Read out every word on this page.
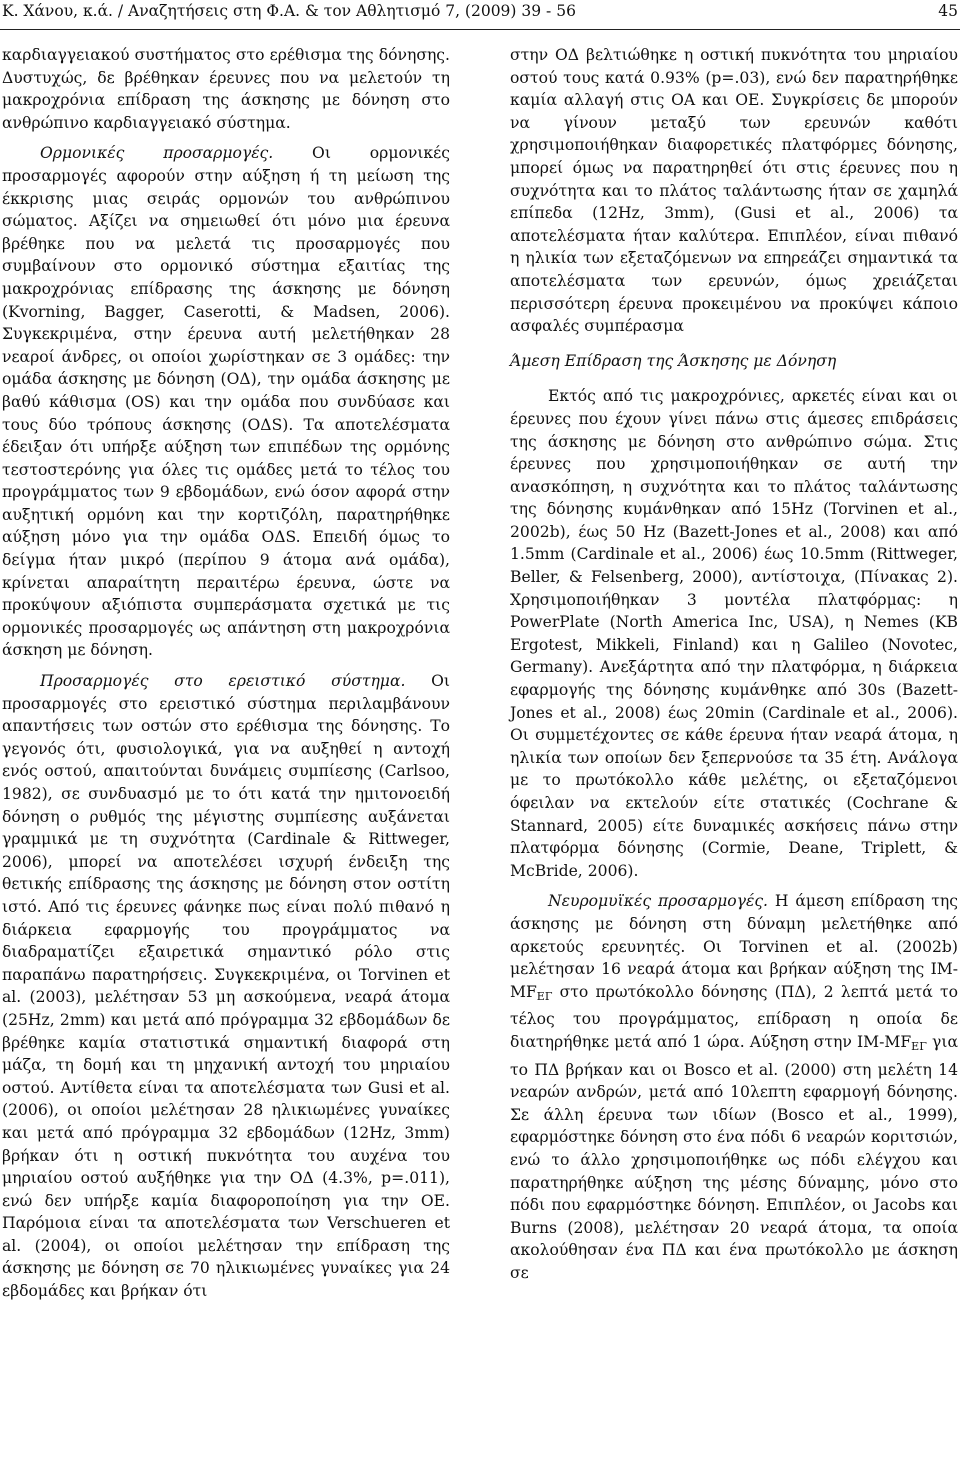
Κ. Χάνου, κ.ά. / Αναζητήσεις στη Φ.Α. & τον Αθλητισμό 7, (2009) 39 - 56	45

καρδιαγγειακού συστήματος στο ερέθισμα της δόνησης. Δυστυχώς, δε βρέθηκαν έρευνες που να μελετούν τη μακροχρόνια επίδραση της άσκησης με δόνηση στο ανθρώπινο καρδιαγγειακό σύστημα.

Ορμονικές προσαρμογές. Οι ορμονικές προσαρμογές αφορούν στην αύξηση ή τη μείωση της έκκρισης μιας σειράς ορμονών του ανθρώπινου σώματος. Αξίζει να σημειωθεί ότι μόνο μια έρευνα βρέθηκε που να μελετά τις προσαρμογές που συμβαίνουν στο ορμονικό σύστημα εξαιτίας της μακροχρόνιας επίδρασης της άσκησης με δόνηση (Kvorning, Bagger, Caserotti, & Madsen, 2006). Συγκεκριμένα, στην έρευνα αυτή μελετήθηκαν 28 νεαροί άνδρες, οι οποίοι χωρίστηκαν σε 3 ομάδες: την ομάδα άσκησης με δόνηση (ΟΔ), την ομάδα άσκησης με βαθύ κάθισμα (OS) και την ομάδα που συνδύασε και τους δύο τρόπους άσκησης (ΟΔS). Τα αποτελέσματα έδειξαν ότι υπήρξε αύξηση των επιπέδων της ορμόνης τεστοστερόνης για όλες τις ομάδες μετά το τέλος του προγράμματος των 9 εβδομάδων, ενώ όσον αφορά στην αυξητική ορμόνη και την κορτιζόλη, παρατηρήθηκε αύξηση μόνο για την ομάδα ΟΔS. Επειδή όμως το δείγμα ήταν μικρό (περίπου 9 άτομα ανά ομάδα), κρίνεται απαραίτητη περαιτέρω έρευνα, ώστε να προκύψουν αξιόπιστα συμπεράσματα σχετικά με τις ορμονικές προσαρμογές ως απάντηση στη μακροχρόνια άσκηση με δόνηση.

Προσαρμογές στο ερειστικό σύστημα. Οι προσαρμογές στο ερειστικό σύστημα περιλαμβάνουν απαντήσεις των οστών στο ερέθισμα της δόνησης. Το γεγονός ότι, φυσιολογικά, για να αυξηθεί η αντοχή ενός οστού, απαιτούνται δυνάμεις συμπίεσης (Carlsoo, 1982), σε συνδυασμό με το ότι κατά την ημιτονοειδή δόνηση ο ρυθμός της μέγιστης συμπίεσης αυξάνεται γραμμικά με τη συχνότητα (Cardinale & Rittweger, 2006), μπορεί να αποτελέσει ισχυρή ένδειξη της θετικής επίδρασης της άσκησης με δόνηση στον οστίτη ιστό. Από τις έρευνες φάνηκε πως είναι πολύ πιθανό η διάρκεια εφαρμογής του προγράμματος να διαδραματίζει εξαιρετικά σημαντικό ρόλο στις παραπάνω παρατηρήσεις. Συγκεκριμένα, οι Torvinen et al. (2003), μελέτησαν 53 μη ασκούμενα, νεαρά άτομα (25Hz, 2mm) και μετά από πρόγραμμα 32 εβδομάδων δε βρέθηκε καμία στατιστικά σημαντική διαφορά στη μάζα, τη δομή και τη μηχανική αντοχή του μηριαίου οστού. Αντίθετα είναι τα αποτελέσματα των Gusi et al. (2006), οι οποίοι μελέτησαν 28 ηλικιωμένες γυναίκες και μετά από πρόγραμμα 32 εβδομάδων (12Hz, 3mm) βρήκαν ότι η οστική πυκνότητα του αυχένα του μηριαίου οστού αυξήθηκε για την ΟΔ (4.3%, p=.011), ενώ δεν υπήρξε καμία διαφοροποίηση για την ΟΕ. Παρόμοια είναι τα αποτελέσματα των Verschueren et al. (2004), οι οποίοι μελέτησαν την επίδραση της άσκησης με δόνηση σε 70 ηλικιωμένες γυναίκες για 24 εβδομάδες και βρήκαν ότι

στην ΟΔ βελτιώθηκε η οστική πυκνότητα του μηριαίου οστού τους κατά 0.93% (p=.03), ενώ δεν παρατηρήθηκε καμία αλλαγή στις ΟΑ και ΟΕ. Συγκρίσεις δε μπορούν να γίνουν μεταξύ των ερευνών καθότι χρησιμοποιήθηκαν διαφορετικές πλατφόρμες δόνησης, μπορεί όμως να παρατηρηθεί ότι στις έρευνες που η συχνότητα και το πλάτος ταλάντωσης ήταν σε χαμηλά επίπεδα (12Hz, 3mm), (Gusi et al., 2006) τα αποτελέσματα ήταν καλύτερα. Επιπλέον, είναι πιθανό η ηλικία των εξεταζόμενων να επηρεάζει σημαντικά τα αποτελέσματα των ερευνών, όμως χρειάζεται περισσότερη έρευνα προκειμένου να προκύψει κάποιο ασφαλές συμπέρασμα

Άμεση Επίδραση της Άσκησης με Δόνηση

Εκτός από τις μακροχρόνιες, αρκετές είναι και οι έρευνες που έχουν γίνει πάνω στις άμεσες επιδράσεις της άσκησης με δόνηση στο ανθρώπινο σώμα. Στις έρευνες που χρησιμοποιήθηκαν σε αυτή την ανασκόπηση, η συχνότητα και το πλάτος ταλάντωσης της δόνησης κυμάνθηκαν από 15Hz (Torvinen et al., 2002b), έως 50 Hz (Bazett-Jones et al., 2008) και από 1.5mm (Cardinale et al., 2006) έως 10.5mm (Rittweger, Beller, & Felsenberg, 2000), αντίστοιχα, (Πίνακας 2). Χρησιμοποιήθηκαν 3 μοντέλα πλατφόρμας: η PowerPlate (North America Inc, USA), η Nemes (KB Ergotest, Mikkeli, Finland) και η Galileo (Novotec, Germany). Ανεξάρτητα από την πλατφόρμα, η διάρκεια εφαρμογής της δόνησης κυμάνθηκε από 30s (Bazett-Jones et al., 2008) έως 20min (Cardinale et al., 2006). Οι συμμετέχοντες σε κάθε έρευνα ήταν νεαρά άτομα, η ηλικία των οποίων δεν ξεπερνούσε τα 35 έτη. Ανάλογα με το πρωτόκολλο κάθε μελέτης, οι εξεταζόμενοι όφειλαν να εκτελούν είτε στατικές (Cochrane & Stannard, 2005) είτε δυναμικές ασκήσεις πάνω στην πλατφόρμα δόνησης (Cormie, Deane, Triplett, & McBride, 2006).

Νευρομυϊκές προσαρμογές. Η άμεση επίδραση της άσκησης με δόνηση στη δύναμη μελετήθηκε από αρκετούς ερευνητές. Οι Torvinen et al. (2002b) μελέτησαν 16 νεαρά άτομα και βρήκαν αύξηση της $IM-MF_{E\Gamma}$ στο πρωτόκολλο δόνησης (ΠΔ), 2 λεπτά μετά το τέλος του προγράμματος, επίδραση η οποία δε διατηρήθηκε μετά από 1 ώρα. Αύξηση στην $IM-MF_{E\Gamma}$ για το ΠΔ βρήκαν και οι Bosco et al. (2000) στη μελέτη 14 νεαρών ανδρών, μετά από 10λεπτη εφαρμογή δόνησης. Σε άλλη έρευνα των ιδίων (Bosco et al., 1999), εφαρμόστηκε δόνηση στο ένα πόδι 6 νεαρών κοριτσιών, ενώ το άλλο χρησιμοποιήθηκε ως πόδι ελέγχου και παρατηρήθηκε αύξηση της μέσης δύναμης, μόνο στο πόδι που εφαρμόστηκε δόνηση. Επιπλέον, οι Jacobs και Burns (2008), μελέτησαν 20 νεαρά άτομα, τα οποία ακολούθησαν ένα ΠΔ και ένα πρωτόκολλο με άσκηση σε
